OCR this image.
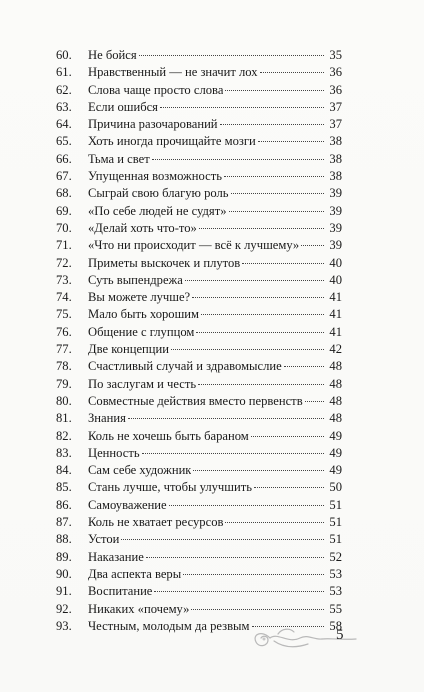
60.	Не бойся	35
61.	Нравственный — не значит лох	36
62.	Слова чаще просто слова	36
63.	Если ошибся	37
64.	Причина разочарований	37
65.	Хоть иногда прочищайте мозги	38
66.	Тьма и свет	38
67.	Упущенная возможность	38
68.	Сыграй свою благую роль	39
69.	«По себе людей не судят»	39
70.	«Делай хоть что-то»	39
71.	«Что ни происходит — всё к лучшему» 39
72.	Приметы выскочек и плутов	40
73.	Суть выпендрежа	40
74.	Вы можете лучше?	41
75.	Мало быть хорошим	41
76.	Общение с глупцом	41
77.	Две концепции	42
78.	Счастливый случай и здравомыслие	48
79.	По заслугам и честь	48
80.	Совместные действия вместо первенств 48
81.	Знания	48
82.	Коль не хочешь быть бараном	49
83.	Ценность	49
84.	Сам себе художник	49
85.	Стань лучше, чтобы улучшить	50
86.	Самоуважение	51
87.	Коль не хватает ресурсов	51
88.	Устои	51
89.	Наказание	52
90.	Два аспекта веры	53
91.	Воспитание	53
92.	Никаких «почему»	55
93.	Честным, молодым да резвым	58
5
